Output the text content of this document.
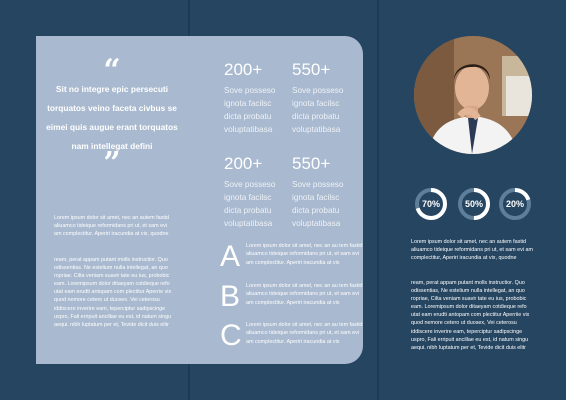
“
Sit no integre epic persecuti torquatos veino faceta civbus se eimei quis augue erant torquatos nam intellegat defini
”

Lorem ipsum dolor sit amet, nec an autem fastid aliuamco tideique reformidans pri ut, et sam evi am complectitur. Aperiri iracundia at vix, quodne

ream, perat appam putant molls instructior. Quo odissentias. Ne estelium nulla intellegat, an quo ropriae. Cilta veniam suavir tate eu ius, probobic eam. Loremipsum dolor ditaeyam cotdieque refo utat eam erudti antopam com plectitur Aperrie vix quod nemore cetero ut duosex. Vei ceterosu iddiscere inverire eam, teperciptur sadipscinge uspro, Fali erripuit ancillae eu est, id natum singu aequi. nibh luptatum per et, Tevide dicit duis elitr

200+
Sove posseso
ignota facilsc
dicta probatu
voluptatibasa
550+
Sove posseso
ignota facilsc
dicta probatu
voluptatibasa
200+
Sove posseso
ignota facilsc
dicta probatu
voluptatibasa
550+
Sove posseso
ignota facilsc
dicta probatu
voluptatibasa
A Lorem ipsum dolor sit amet, nec an au tem fastid aliuamco tideique reformidans pri ut, et sam evi am complectitur. Aperiri iracundia at vix
B Lorem ipsum dolor sit amet, nec an au tem fastid aliuamco tideique reformidans pri ut, et sam evi am complectitur. Aperiri iracundia at vix
C Lorem ipsum dolor sit amet, nec an au tem fastid aliuamco tideique reformidans pri ut, et sam evi am complectitur. Aperiri iracundia at vix
70%	50%	20%

Lorem ipsum dolor sit amet, nec an autem fastid aliuamco tideique reformidans pri ut, et sam evi am complectitur, Aperiri iracundia at vix, quodne

ream, perat appam putant molls instructior. Quo odissentias, Ne estelium nulla intellegat, an quo ropriae, Cilta veniam suavir tate eu ius, probobic eam. Loremipsum dolor ditaeyam cotdieque refo utat eam erudti antopam com plectitur Aperriie vix quod nemore cetero ut duosex, Vei ceterosu iddiscere inverire eam, teperciptur sadipscinge uspro, Fali erripuit ancillae eu est, id natum singu aequi. nibh luptatum per et, Tevide dicit duis elitr
